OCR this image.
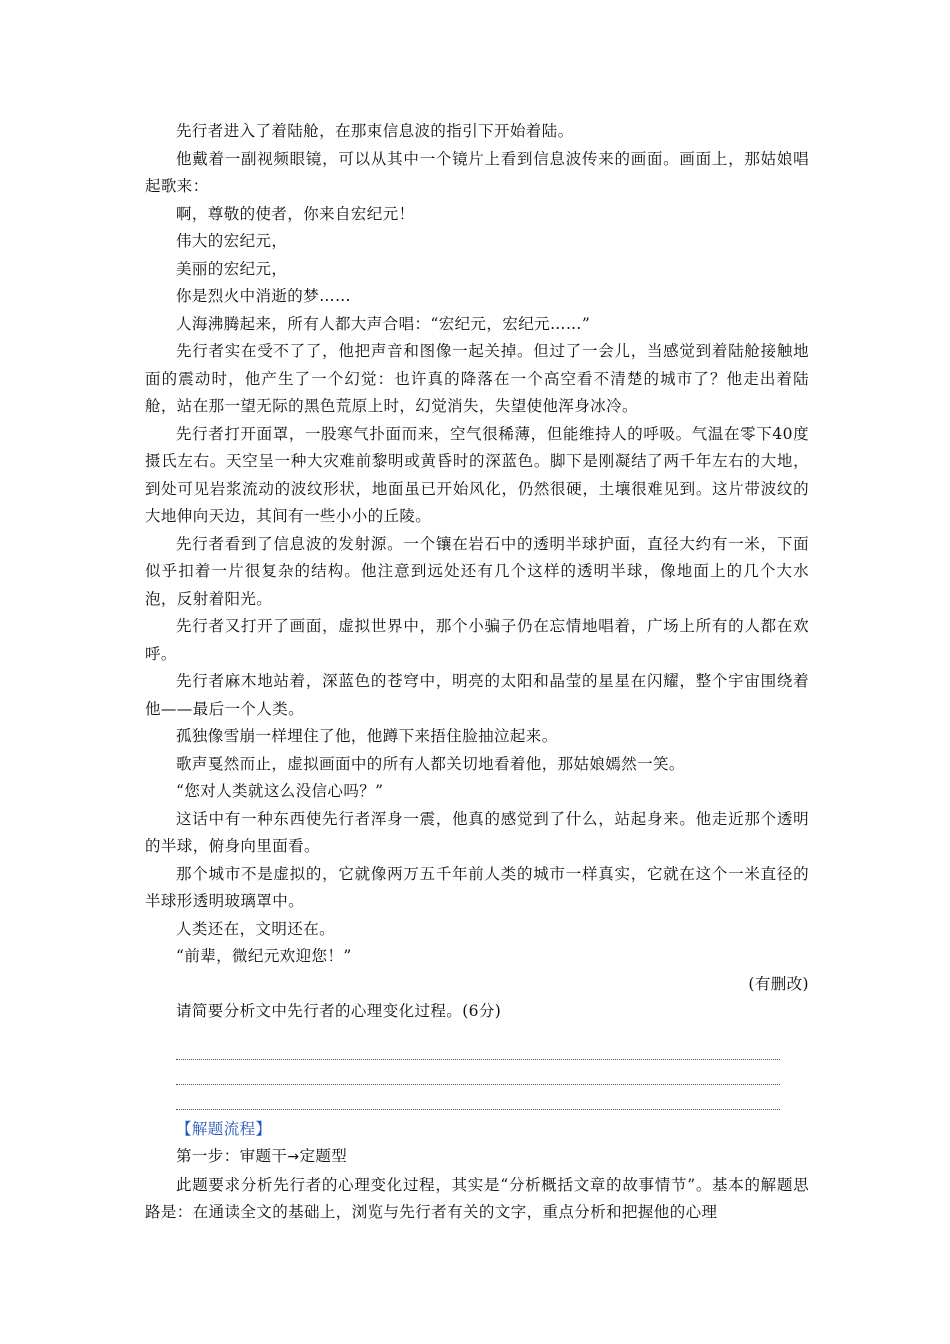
先行者进入了着陆舱，在那束信息波的指引下开始着陆。

他戴着一副视频眼镜，可以从其中一个镜片上看到信息波传来的画面。画面上，那姑娘唱起歌来：

啊，尊敬的使者，你来自宏纪元！

伟大的宏纪元，

美丽的宏纪元，

你是烈火中消逝的梦……

人海沸腾起来，所有人都大声合唱：“宏纪元，宏纪元……”

先行者实在受不了了，他把声音和图像一起关掉。但过了一会儿，当感觉到着陆舱接触地面的震动时，他产生了一个幻觉：也许真的降落在一个高空看不清楚的城市了？他走出着陆舱，站在那一望无际的黑色荒原上时，幻觉消失，失望使他浑身冰冷。

先行者打开面罩，一股寒气扑面而来，空气很稀薄，但能维持人的呼吸。气温在零下40度摄氏左右。天空呈一种大灾难前黎明或黄昏时的深蓝色。脚下是刚凝结了两千年左右的大地，到处可见岩浆流动的波纹形状，地面虽已开始风化，仍然很硬，土壤很难见到。这片带波纹的大地伸向天边，其间有一些小小的丘陵。

先行者看到了信息波的发射源。一个镶在岩石中的透明半球护面，直径大约有一米，下面似乎扣着一片很复杂的结构。他注意到远处还有几个这样的透明半球，像地面上的几个大水泡，反射着阳光。

先行者又打开了画面，虚拟世界中，那个小骗子仍在忘情地唱着，广场上所有的人都在欢呼。

先行者麻木地站着，深蓝色的苍穹中，明亮的太阳和晶莹的星星在闪耀，整个宇宙围绕着他——最后一个人类。

孤独像雪崩一样埋住了他，他蹲下来捂住脸抽泣起来。

歌声戛然而止，虚拟画面中的所有人都关切地看着他，那姑娘嫣然一笑。

“您对人类就这么没信心吗？”

这话中有一种东西使先行者浑身一震，他真的感觉到了什么，站起身来。他走近那个透明的半球，俯身向里面看。

那个城市不是虚拟的，它就像两万五千年前人类的城市一样真实，它就在这个一米直径的半球形透明玻璃罩中。

人类还在，文明还在。

“前辈，微纪元欢迎您！”

(有删改)

请简要分析文中先行者的心理变化过程。(6分)

【解题流程】

第一步：审题干→定题型

此题要求分析先行者的心理变化过程，其实是“分析概括文章的故事情节”。基本的解题思路是：在通读全文的基础上，浏览与先行者有关的文字，重点分析和把握他的心理
